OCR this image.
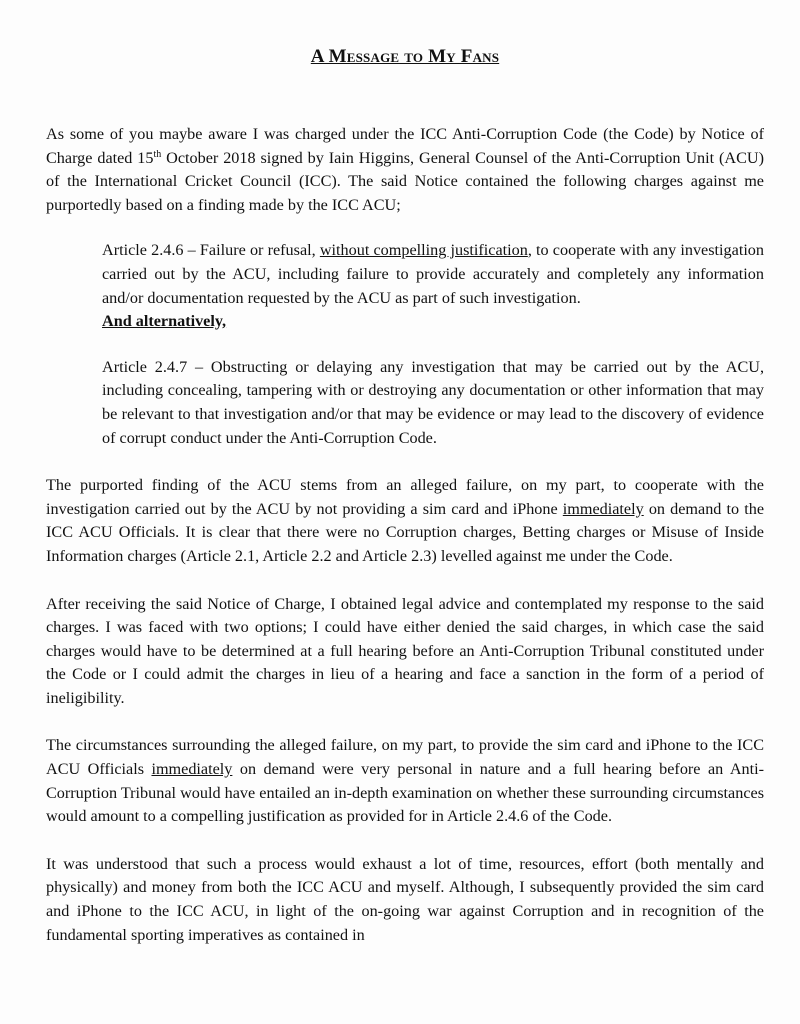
A Message to My Fans

As some of you maybe aware I was charged under the ICC Anti-Corruption Code (the Code) by Notice of Charge dated 15th October 2018 signed by Iain Higgins, General Counsel of the Anti-Corruption Unit (ACU) of the International Cricket Council (ICC). The said Notice contained the following charges against me purportedly based on a finding made by the ICC ACU;

Article 2.4.6 – Failure or refusal, without compelling justification, to cooperate with any investigation carried out by the ACU, including failure to provide accurately and completely any information and/or documentation requested by the ACU as part of such investigation.

And alternatively,

Article 2.4.7 – Obstructing or delaying any investigation that may be carried out by the ACU, including concealing, tampering with or destroying any documentation or other information that may be relevant to that investigation and/or that may be evidence or may lead to the discovery of evidence of corrupt conduct under the Anti-Corruption Code.

The purported finding of the ACU stems from an alleged failure, on my part, to cooperate with the investigation carried out by the ACU by not providing a sim card and iPhone immediately on demand to the ICC ACU Officials. It is clear that there were no Corruption charges, Betting charges or Misuse of Inside Information charges (Article 2.1, Article 2.2 and Article 2.3) levelled against me under the Code.

After receiving the said Notice of Charge, I obtained legal advice and contemplated my response to the said charges. I was faced with two options; I could have either denied the said charges, in which case the said charges would have to be determined at a full hearing before an Anti-Corruption Tribunal constituted under the Code or I could admit the charges in lieu of a hearing and face a sanction in the form of a period of ineligibility.

The circumstances surrounding the alleged failure, on my part, to provide the sim card and iPhone to the ICC ACU Officials immediately on demand were very personal in nature and a full hearing before an Anti-Corruption Tribunal would have entailed an in-depth examination on whether these surrounding circumstances would amount to a compelling justification as provided for in Article 2.4.6 of the Code.

It was understood that such a process would exhaust a lot of time, resources, effort (both mentally and physically) and money from both the ICC ACU and myself. Although, I subsequently provided the sim card and iPhone to the ICC ACU, in light of the on-going war against Corruption and in recognition of the fundamental sporting imperatives as contained in
